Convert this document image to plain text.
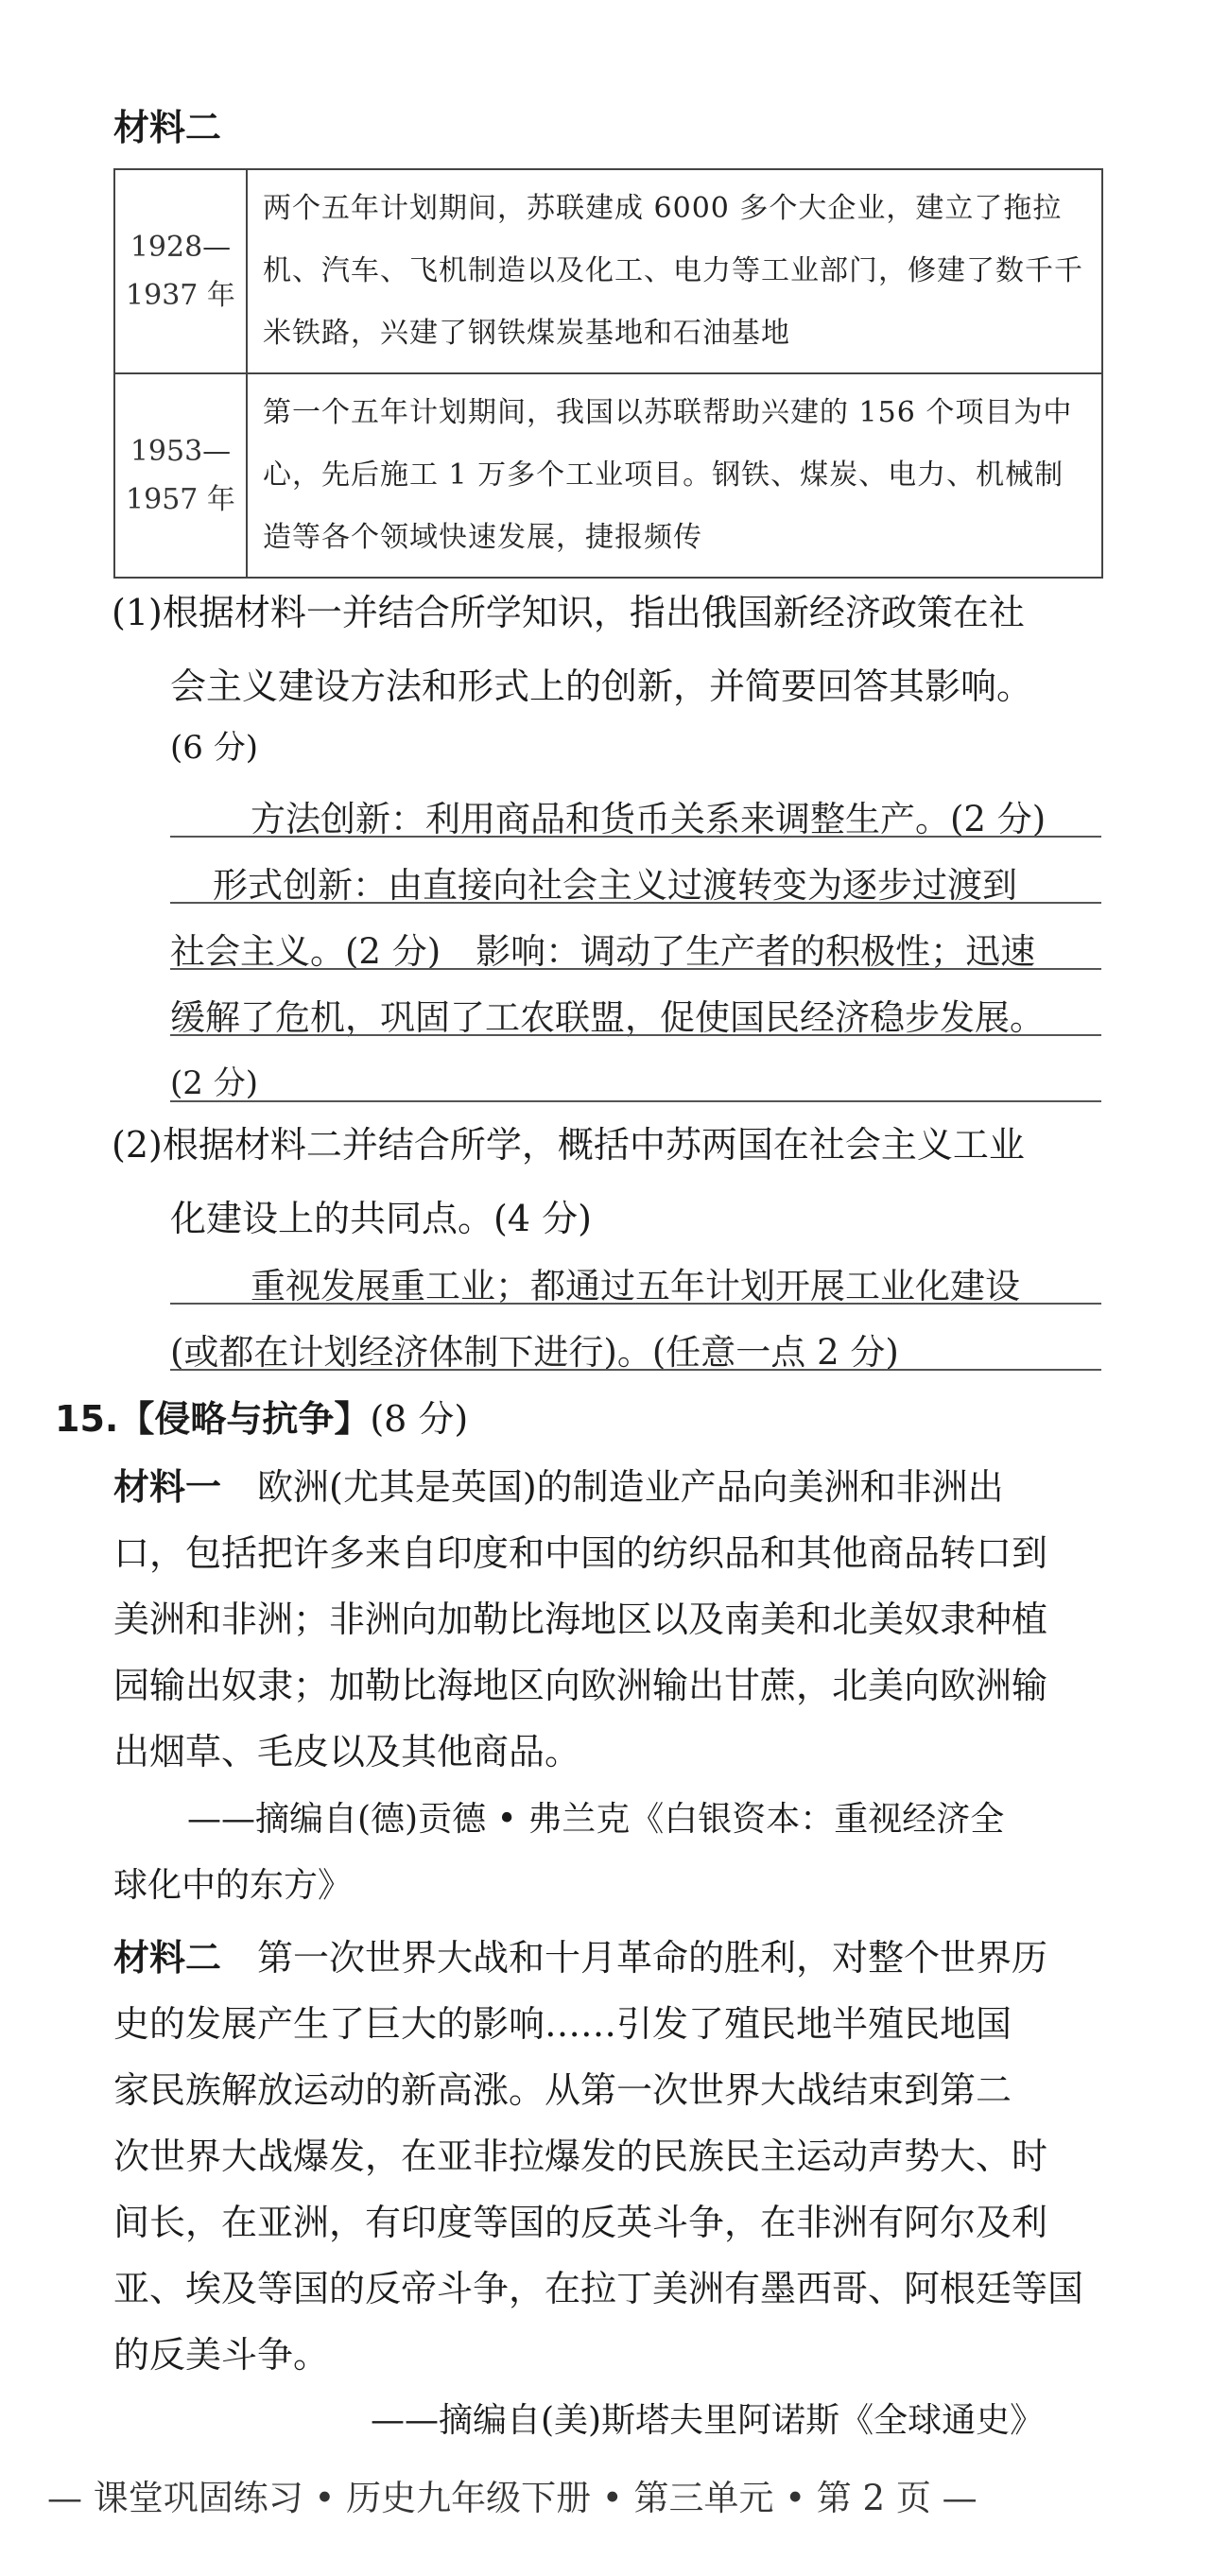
材料二
1928—
1937 年	两个五年计划期间，苏联建成 6000 多个大企业，建立了拖拉机、汽车、飞机制造以及化工、电力等工业部门，修建了数千千米铁路，兴建了钢铁煤炭基地和石油基地

1953—
1957 年	第一个五年计划期间，我国以苏联帮助兴建的 156 个项目为中心，先后施工 1 万多个工业项目。钢铁、煤炭、电力、机械制造等各个领域快速发展，捷报频传
(1)根据材料一并结合所学知识，指出俄国新经济政策在社
会主义建设方法和形式上的创新，并简要回答其影响。
(6 分)
方法创新：利用商品和货币关系来调整生产。(2 分)
形式创新：由直接向社会主义过渡转变为逐步过渡到
社会主义。(2 分)　影响：调动了生产者的积极性；迅速
缓解了危机，巩固了工农联盟，促使国民经济稳步发展。
(2 分)
(2)根据材料二并结合所学，概括中苏两国在社会主义工业
化建设上的共同点。(4 分)
重视发展重工业；都通过五年计划开展工业化建设
(或都在计划经济体制下进行)。(任意一点 2 分)
15.【侵略与抗争】(8 分)
材料一　 欧洲(尤其是英国)的制造业产品向美洲和非洲出
口，包括把许多来自印度和中国的纺织品和其他商品转口到
美洲和非洲；非洲向加勒比海地区以及南美和北美奴隶种植
园输出奴隶；加勒比海地区向欧洲输出甘蔗，北美向欧洲输
出烟草、毛皮以及其他商品。
——摘编自(德)贡德 • 弗兰克《白银资本：重视经济全
球化中的东方》
材料二　 第一次世界大战和十月革命的胜利，对整个世界历
史的发展产生了巨大的影响……引发了殖民地半殖民地国
家民族解放运动的新高涨。从第一次世界大战结束到第二
次世界大战爆发，在亚非拉爆发的民族民主运动声势大、时
间长，在亚洲，有印度等国的反英斗争，在非洲有阿尔及利
亚、埃及等国的反帝斗争，在拉丁美洲有墨西哥、阿根廷等国
的反美斗争。
——摘编自(美)斯塔夫里阿诺斯《全球通史》
— 课堂巩固练习 • 历史九年级下册 • 第三单元 • 第 2 页 —
